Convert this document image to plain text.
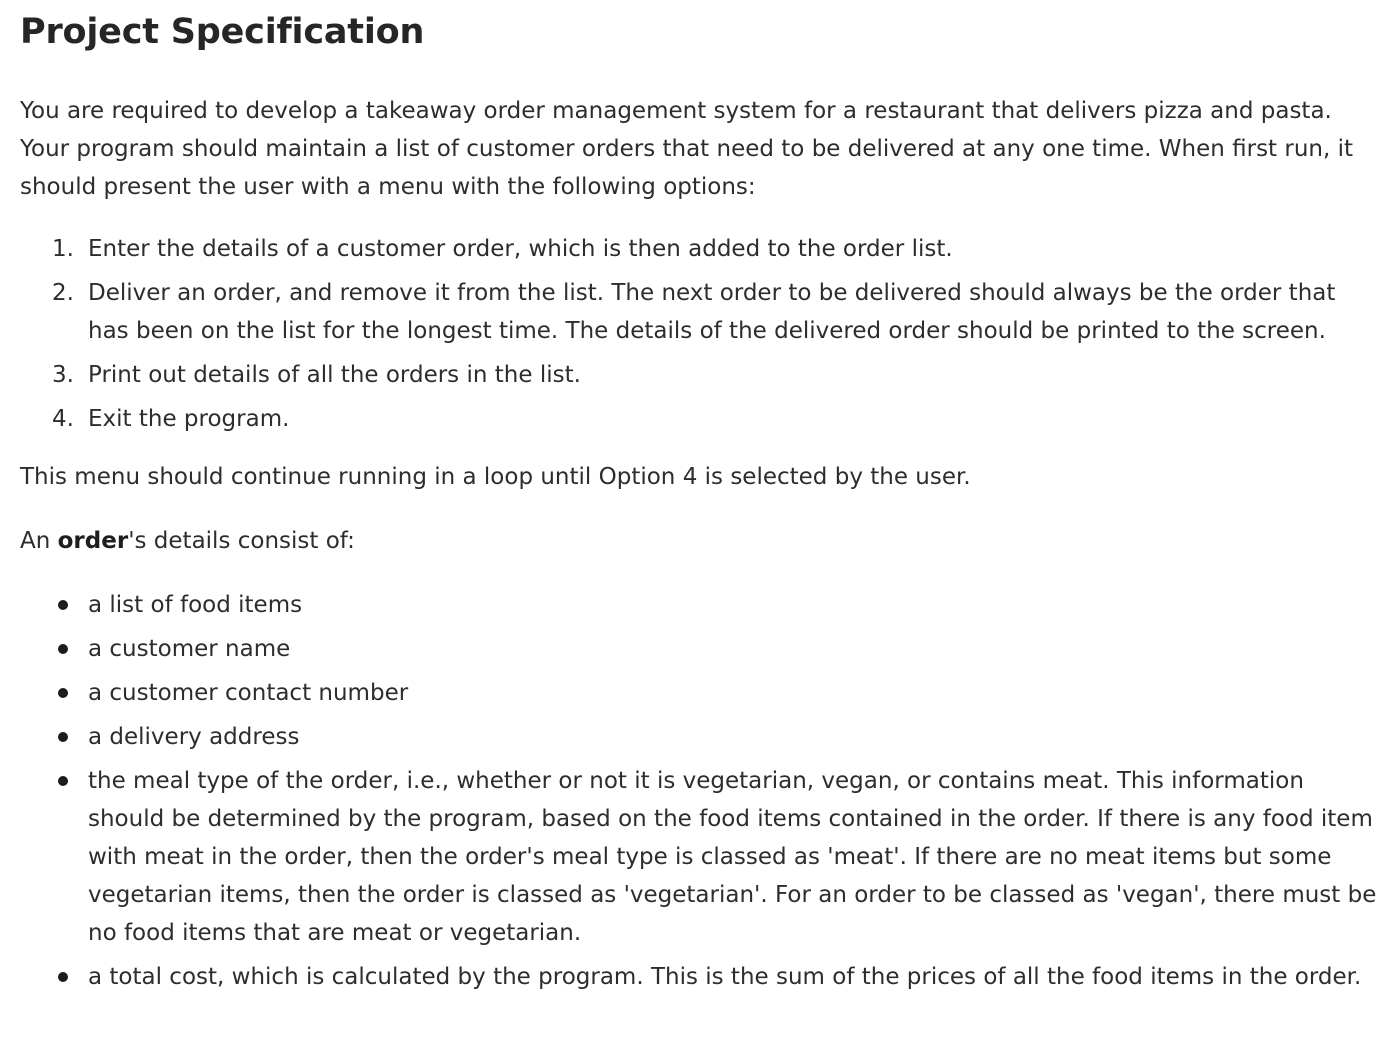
Project Specification

You are required to develop a takeaway order management system for a restaurant that delivers pizza and pasta. Your program should maintain a list of customer orders that need to be delivered at any one time. When first run, it should present the user with a menu with the following options:

1. Enter the details of a customer order, which is then added to the order list.
2. Deliver an order, and remove it from the list. The next order to be delivered should always be the order that has been on the list for the longest time. The details of the delivered order should be printed to the screen.
3. Print out details of all the orders in the list.
4. Exit the program.

This menu should continue running in a loop until Option 4 is selected by the user.

An order's details consist of:

a list of food items
a customer name
a customer contact number
a delivery address
the meal type of the order, i.e., whether or not it is vegetarian, vegan, or contains meat. This information should be determined by the program, based on the food items contained in the order. If there is any food item with meat in the order, then the order's meal type is classed as 'meat'. If there are no meat items but some vegetarian items, then the order is classed as 'vegetarian'. For an order to be classed as 'vegan', there must be no food items that are meat or vegetarian.
a total cost, which is calculated by the program. This is the sum of the prices of all the food items in the order.
